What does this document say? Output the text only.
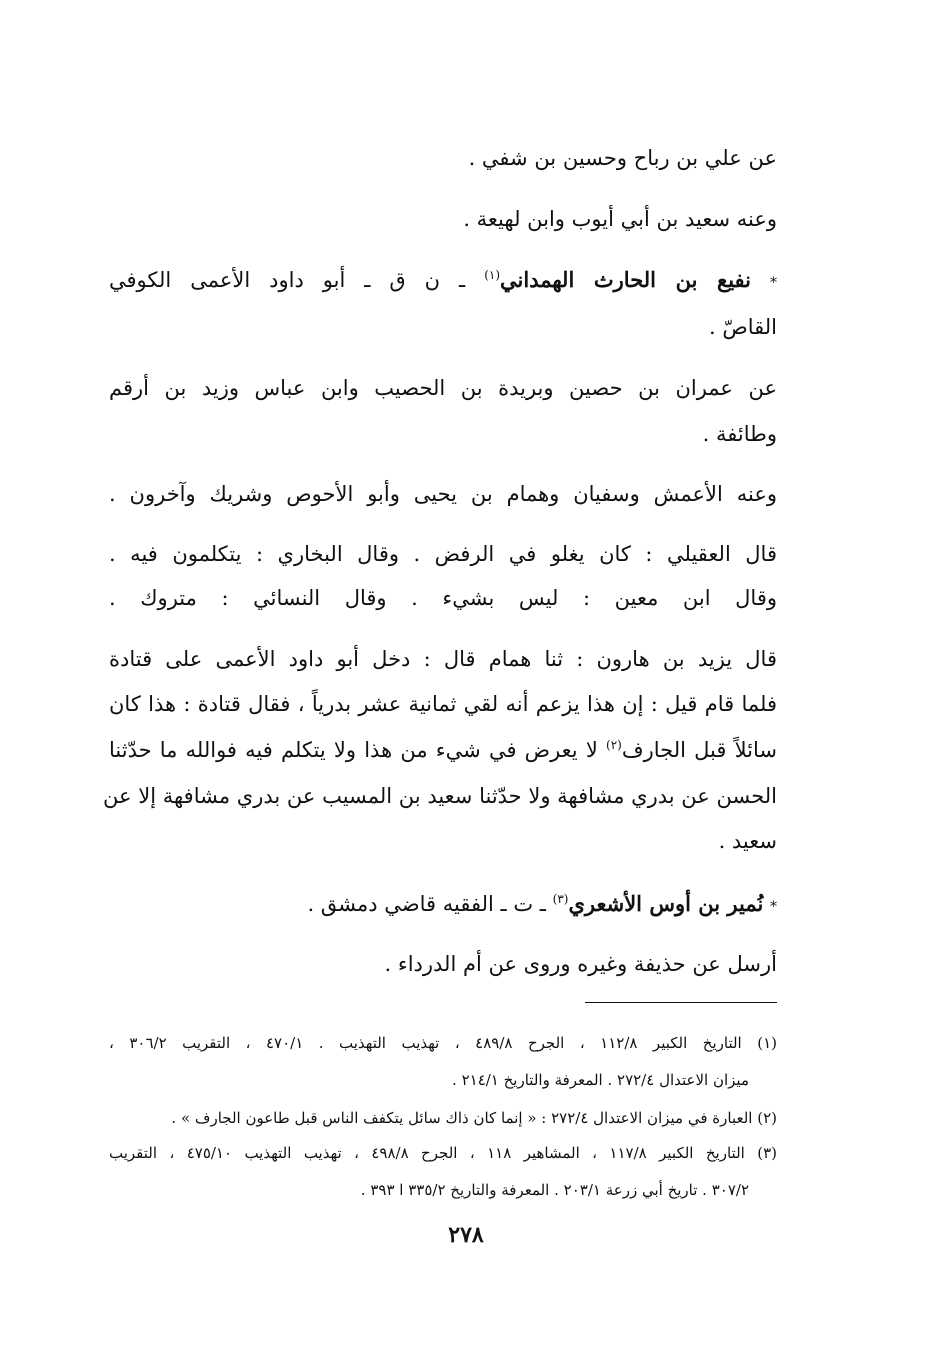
عن علي بن رباح وحسين بن شفي .
وعنه سعيد بن أبي أيوب وابن لهيعة .
* نفيع بن الحارث الهمداني$^{(١)}$ ـ ن ق ـ أبو داود الأعمى الكوفي
القاصّ .
عن عمران بن حصين وبريدة بن الحصيب وابن عباس وزيد بن أرقم
وطائفة .
وعنه الأعمش وسفيان وهمام بن يحيى وأبو الأحوص وشريك وآخرون .
قال العقيلي : كان يغلو في الرفض . وقال البخاري : يتكلمون فيه .
وقال ابن معين : ليس بشيء . وقال النسائي : متروك .
قال يزيد بن هارون : ثنا همام قال : دخل أبو داود الأعمى على قتادة
فلما قام قيل : إن هذا يزعم أنه لقي ثمانية عشر بدرياً ، فقال قتادة : هذا كان
سائلاً قبل الجارف$^{(٢)}$ لا يعرض في شيء من هذا ولا يتكلم فيه فوالله ما حدّثنا
الحسن عن بدري مشافهة ولا حدّثنا سعيد بن المسيب عن بدري مشافهة إلا عن
سعيد .
* نُمير بن أوس الأشعري$^{(٣)}$ ـ ت ـ الفقيه قاضي دمشق .
أرسل عن حذيفة وغيره وروى عن أم الدرداء .
(١) التاريخ الكبير ١١٢/٨ ، الجرح ٤٨٩/٨ ، تهذيب التهذيب . ٤٧٠/١ ، التقريب ٣٠٦/٢ ،
ميزان الاعتدال ٢٧٢/٤ . المعرفة والتاريخ ٢١٤/١ .
(٢) العبارة في ميزان الاعتدال ٢٧٢/٤ : « إنما كان ذاك سائل يتكفف الناس قبل طاعون الجارف » .
(٣) التاريخ الكبير ١١٧/٨ ، المشاهير ١١٨ ، الجرح ٤٩٨/٨ ، تهذيب التهذيب ٤٧٥/١٠ ، التقريب
٣٠٧/٢ . تاريخ أبي زرعة ٢٠٣/١ . المعرفة والتاريخ ٣٣٥/٢ ا ٣٩٣ .
٢٧٨
